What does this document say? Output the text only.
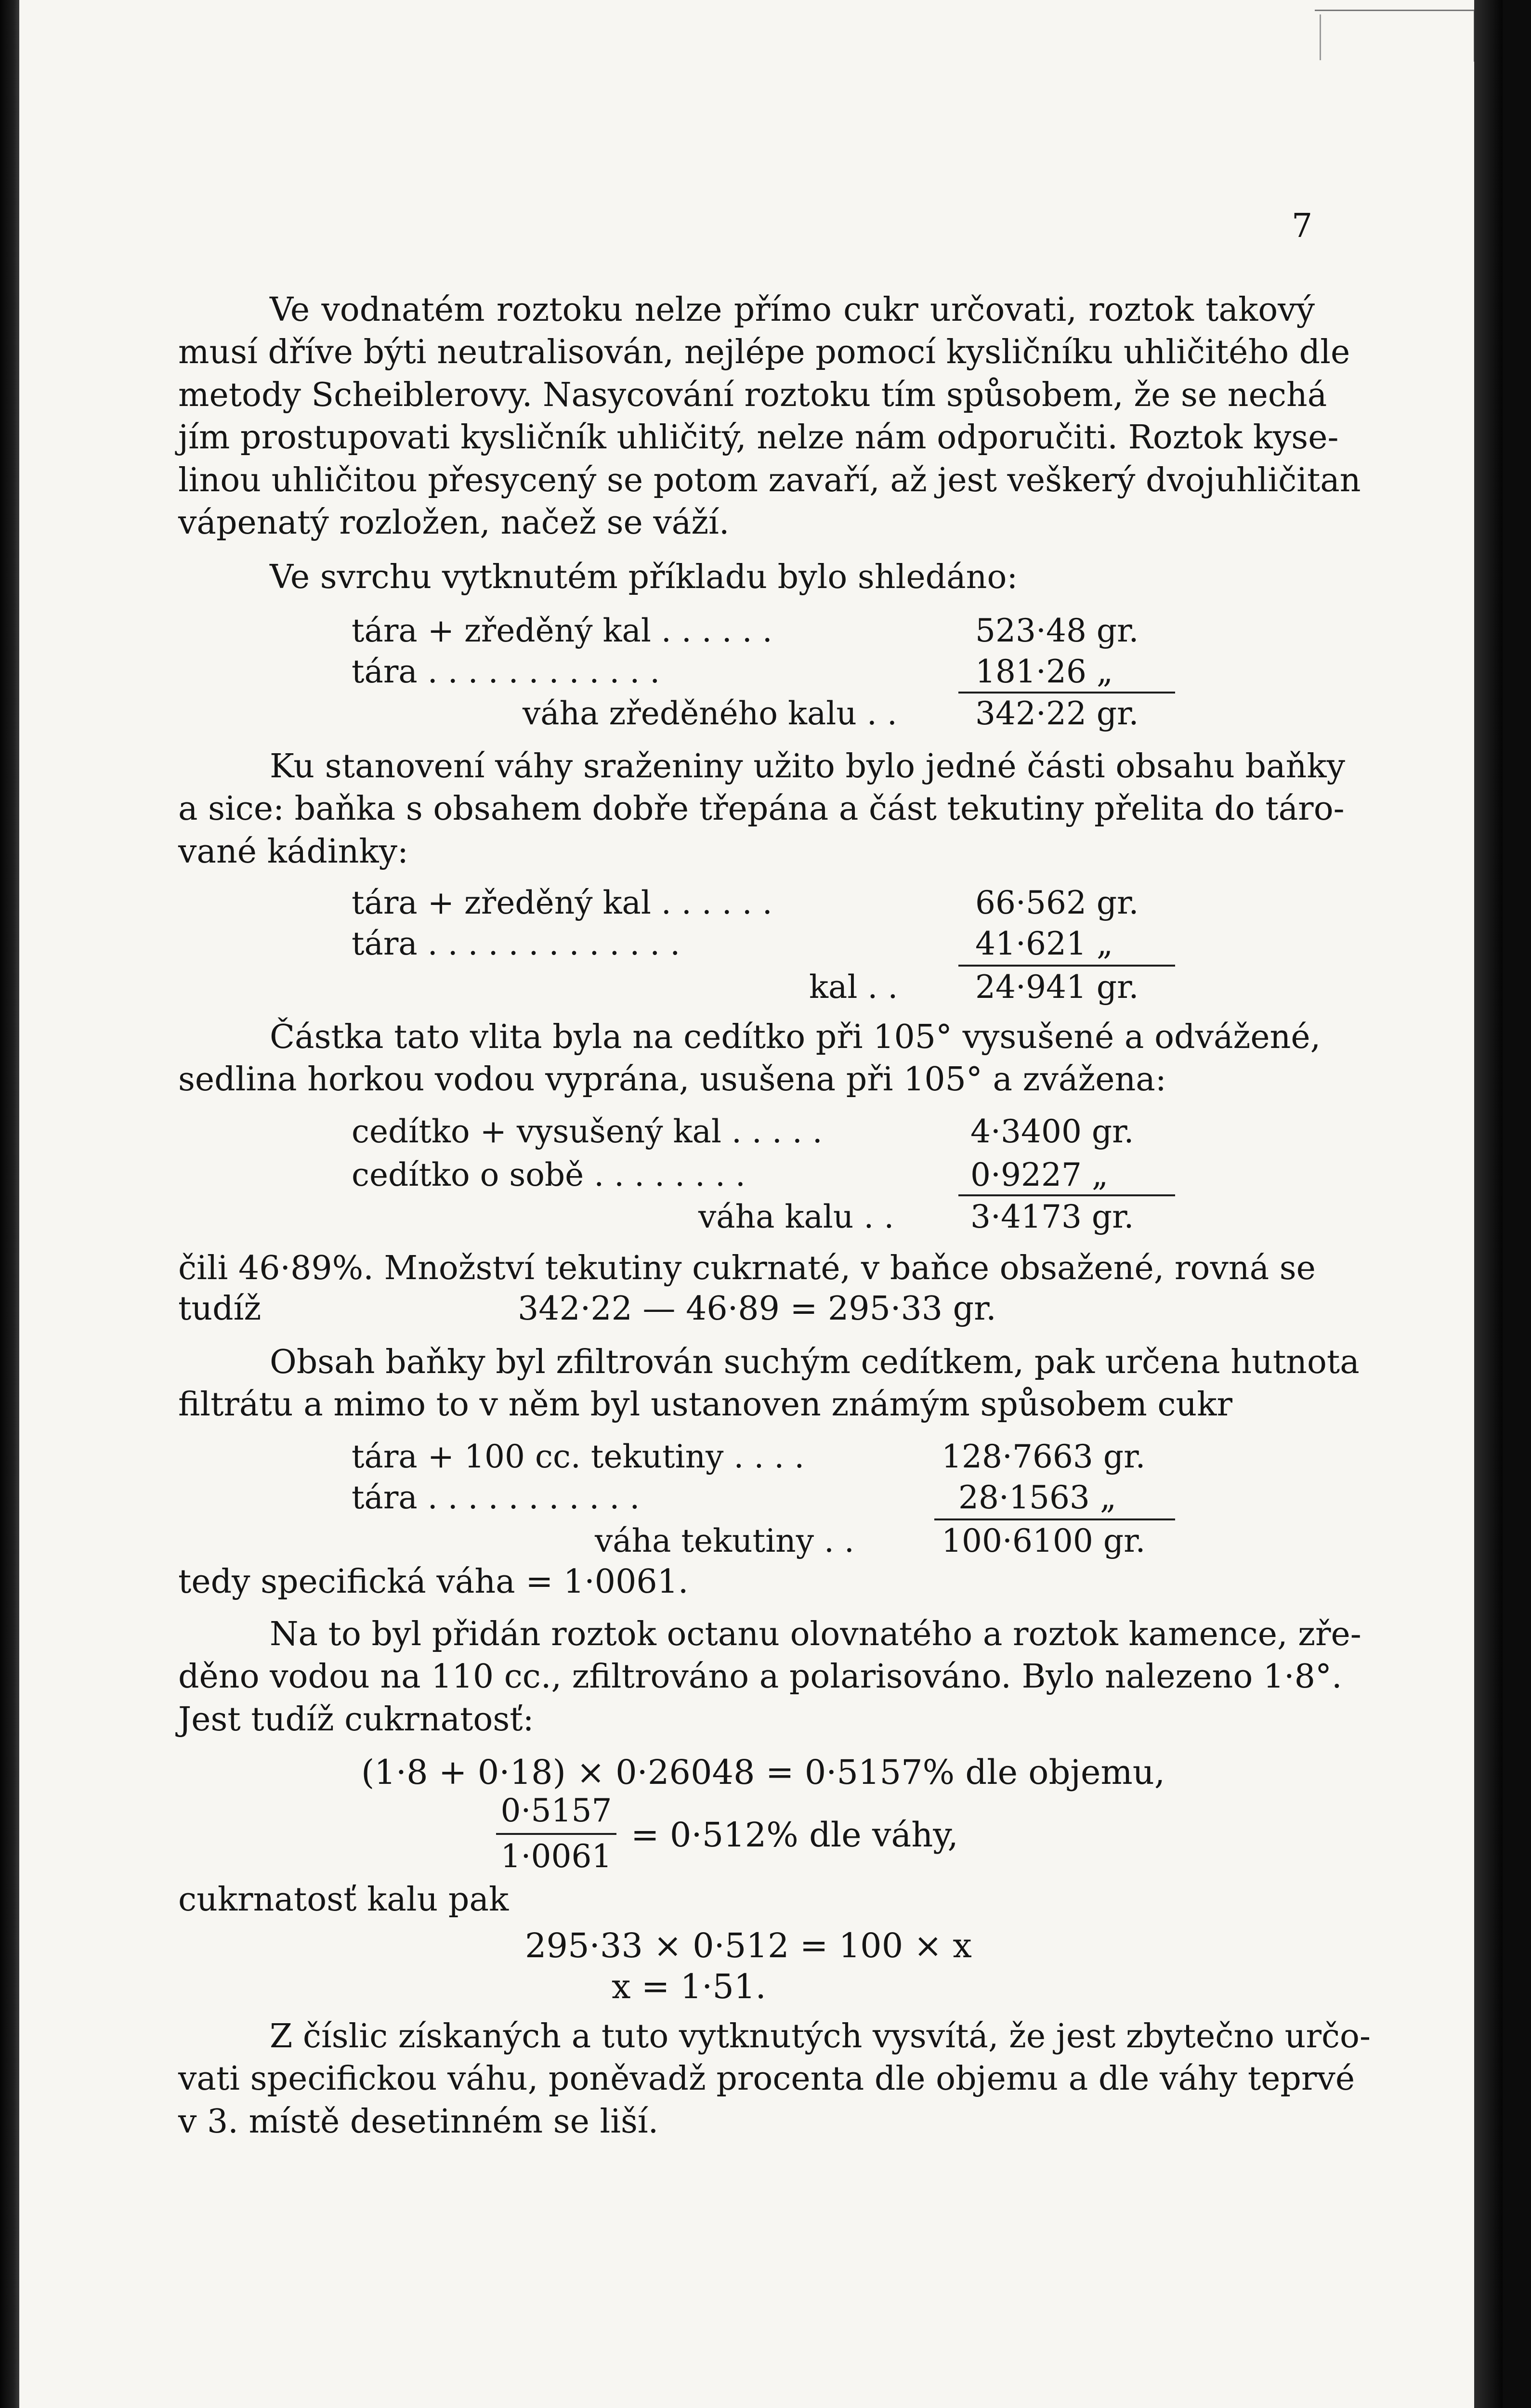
7
Ve vodnatém roztoku nelze přímo cukr určovati, roztok takový
musí dříve býti neutralisován, nejlépe pomocí kysličníku uhličitého dle
metody Scheiblerovy. Nasycování roztoku tím spůsobem, že se nechá
jím prostupovati kysličník uhličitý, nelze nám odporučiti. Roztok kyse-
linou uhličitou přesycený se potom zavaří, až jest veškerý dvojuhličitan
vápenatý rozložen, načež se váží.
Ve svrchu vytknutém příkladu bylo shledáno:
tára + zředěný kal . . . . . .	523·48 gr.
tára . . . . . . . . . . . .	181·26 „
váha zředěného kalu . . 342·22 gr.
Ku stanovení váhy sraženiny užito bylo jedné části obsahu baňky
a sice: baňka s obsahem dobře třepána a část tekutiny přelita do táro-
vané kádinky:
tára + zředěný kal . . . . . .	66·562 gr.
tára . . . . . . . . . . . . .	41·621 „
kal . . 24·941 gr.
Částka tato vlita byla na cedítko při 105° vysušené a odvážené,
sedlina horkou vodou vyprána, usušena při 105° a zvážena:
cedítko + vysušený kal . . . . .	4·3400 gr.
cedítko o sobě . . . . . . . .	0·9227 „
váha kalu . . 3·4173 gr.
čili 46·89%. Množství tekutiny cukrnaté, v baňce obsažené, rovná se
tudíž	342·22 — 46·89 = 295·33 gr.
Obsah baňky byl zfiltrován suchým cedítkem, pak určena hutnota
filtrátu a mimo to v něm byl ustanoven známým spůsobem cukr
tára + 100 cc. tekutiny . . . .	128·7663 gr.
tára . . . . . . . . . . .	28·1563 „
váha tekutiny . .	100·6100 gr.
tedy specifická váha = 1·0061.
Na to byl přidán roztok octanu olovnatého a roztok kamence, zře-
děno vodou na 110 cc., zfiltrováno a polarisováno. Bylo nalezeno 1·8°.
Jest tudíž cukrnatosť:
(1·8 + 0·18) × 0·26048 = 0·5157% dle objemu,
0·5157
1·0061
= 0·512% dle váhy,
cukrnatosť kalu pak
295·33 × 0·512 = 100 × x
x = 1·51.
Z číslic získaných a tuto vytknutých vysvítá, že jest zbytečno určo-
vati specifickou váhu, poněvadž procenta dle objemu a dle váhy teprvé
v 3. místě desetinném se liší.
